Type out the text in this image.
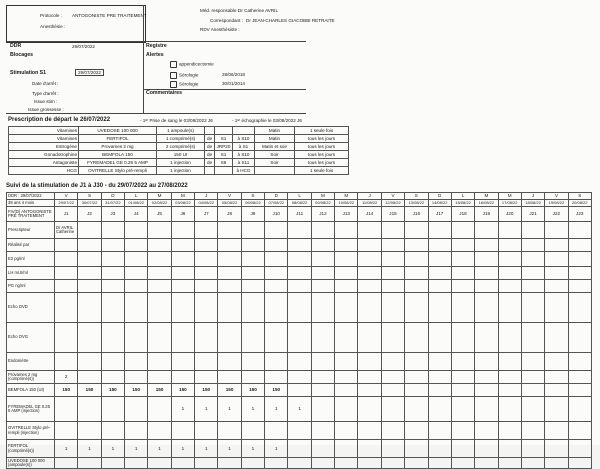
Protocole : ANTOGONISTE PRE TRAITEMENT
Anesthésie :
Méd. responsable :
Dr Catherine AVRIL
Correspondant : Dr JEAN-CHARLES GIACOBBI RETRAITE
RDV Anesthésiste :
DDR	29/07/2022
Blocages
Stimulation S1	29/07/2022
Date d'arrêt :
Type d'arrêt :
Issue stim :
Issue grossesse :
Registre
Alertes
appendicectomie
Sérologie	28/06/2018
Sérologie	30/01/2014
Commentaires
Prescription de départ le 26/07/2022	- 1ᵉʳ Prise de sang le 03/08/2022 J6	- 1ᵉʳ échographie le 03/08/2022 J6
Vitamines	UVEDOSE 100 000	1 ampoule(s)				Matin	1 seule fois
Vitamines	FERTIFOL	1 comprimé(s)	de	S1	à S10	Matin	tous les jours
Estrogène	Provames 2 mg	2 comprimé(s)	de	JRP20	à S1	Matin et soir	tous les jours
Gonadotrophine	BEMFOLA 150	150 UI	de	S1	à S10	Soir	tous les jours
Antagoniste	FYREMADEL GE 0.25 5 AMP	1 injection	de	S6	à S11	Soir	tous les jours
HCG	OVITRELLE Stylo pré-rempli	1 injection			à HCG		1 seule fois
Suivi de la stimulation de J1 à J30 - du 29/07/2022 au 27/08/2022
DDR : 29/07/2022	V	S	D	L	M	M	J	V	S	D	L	M	M	J	V	S	D	L	M	M	J	V	S
38 ans 4 mois	29/07/22	30/07/22	31/07/22	01/08/22	02/08/22	03/08/22	04/08/22	05/08/22	06/08/22	07/08/22	08/08/22	09/08/22	10/08/22	11/08/22	12/08/22	13/08/22	14/08/22	15/08/22	16/08/22	17/08/22	18/08/22	19/08/22	20/08/22
FIV(D) ANTOGONISTE PRE TRAITEMENT	J1	J2	J3	J4	J5	J6	J7	J8	J9	J10	J11	J12	J13	J14	J15	J16	J17	J18	J19	J20	J21	J22	J23
Prescripteur	Dr AVRIL Catherine																						
Réalisé par																							
E2 pg/ml																							
LH mUI/ml																							
PG ng/ml																							
Echo OVD																							
Echo OVG																							
Endomètre																							
Provames 2 mg (comprimé(s))	2																						
BEMFOLA 150 (UI)	150	150	150	150	150	150	150	150	150	150													
FYREMADEL GE 0.25 5 AMP (injection)						1	1	1	1	1	1												
OVITRELLE Stylo pré-rempli (injection)																							
FERTIFOL (comprimé(s))	1	1	1	1	1	1	1	1	1	1													
UVEDOSE 100 000 (ampoule(s))																							
